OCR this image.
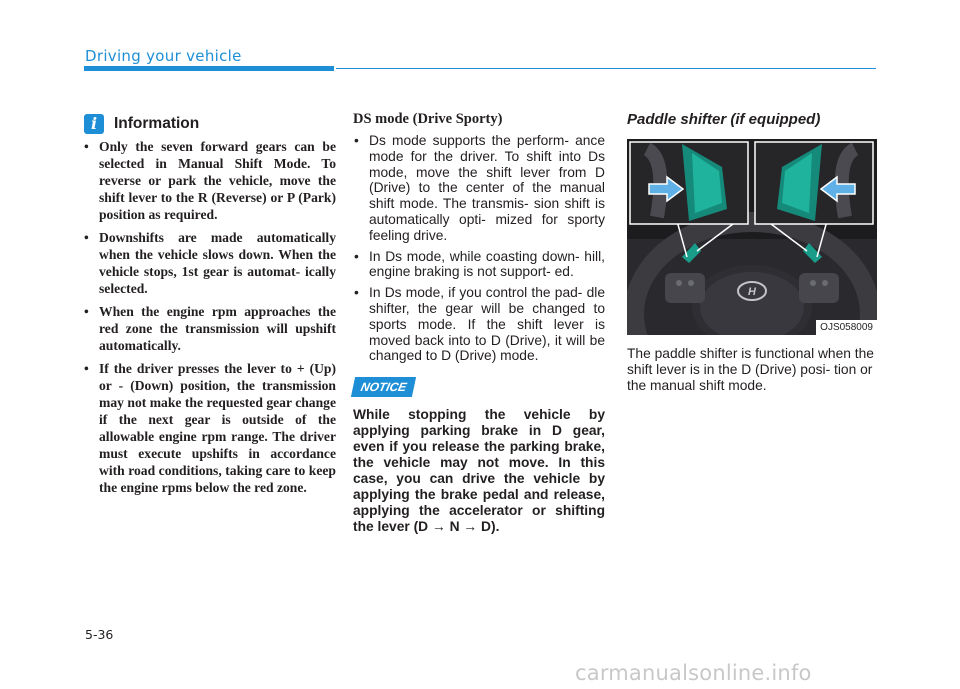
Driving your vehicle
i	Information
• Only the seven forward gears can be selected in Manual Shift Mode. To reverse or park the vehicle, move the shift lever to the R (Reverse) or P (Park) position as required.
• Downshifts are made automatically when the vehicle slows down. When the vehicle stops, 1st gear is automat- ically selected.
• When the engine rpm approaches the red zone the transmission will upshift automatically.
• If the driver presses the lever to + (Up) or - (Down) position, the transmission may not make the requested gear change if the next gear is outside of the allowable engine rpm range. The driver must execute upshifts in accordance with road conditions, taking care to keep the engine rpms below the red zone.
DS mode (Drive Sporty)
• Ds mode supports the perform- ance mode for the driver. To shift into Ds mode, move the shift lever from D (Drive) to the center of the manual shift mode. The transmis- sion shift is automatically opti- mized for sporty feeling drive.
• In Ds mode, while coasting down- hill, engine braking is not support- ed.
• In Ds mode, if you control the pad- dle shifter, the gear will be changed to sports mode. If the shift lever is moved back into to D (Drive), it will be changed to D (Drive) mode.
NOTICE
While stopping the vehicle by applying parking brake in D gear, even if you release the parking brake, the vehicle may not move. In this case, you can drive the vehicle by applying the brake pedal and release, applying the accelerator or shifting the lever (D → N → D).
Paddle shifter (if equipped)
H
OJS058009
The paddle shifter is functional when the shift lever is in the D (Drive) posi- tion or the manual shift mode.
5-36
carmanualsonline.info
